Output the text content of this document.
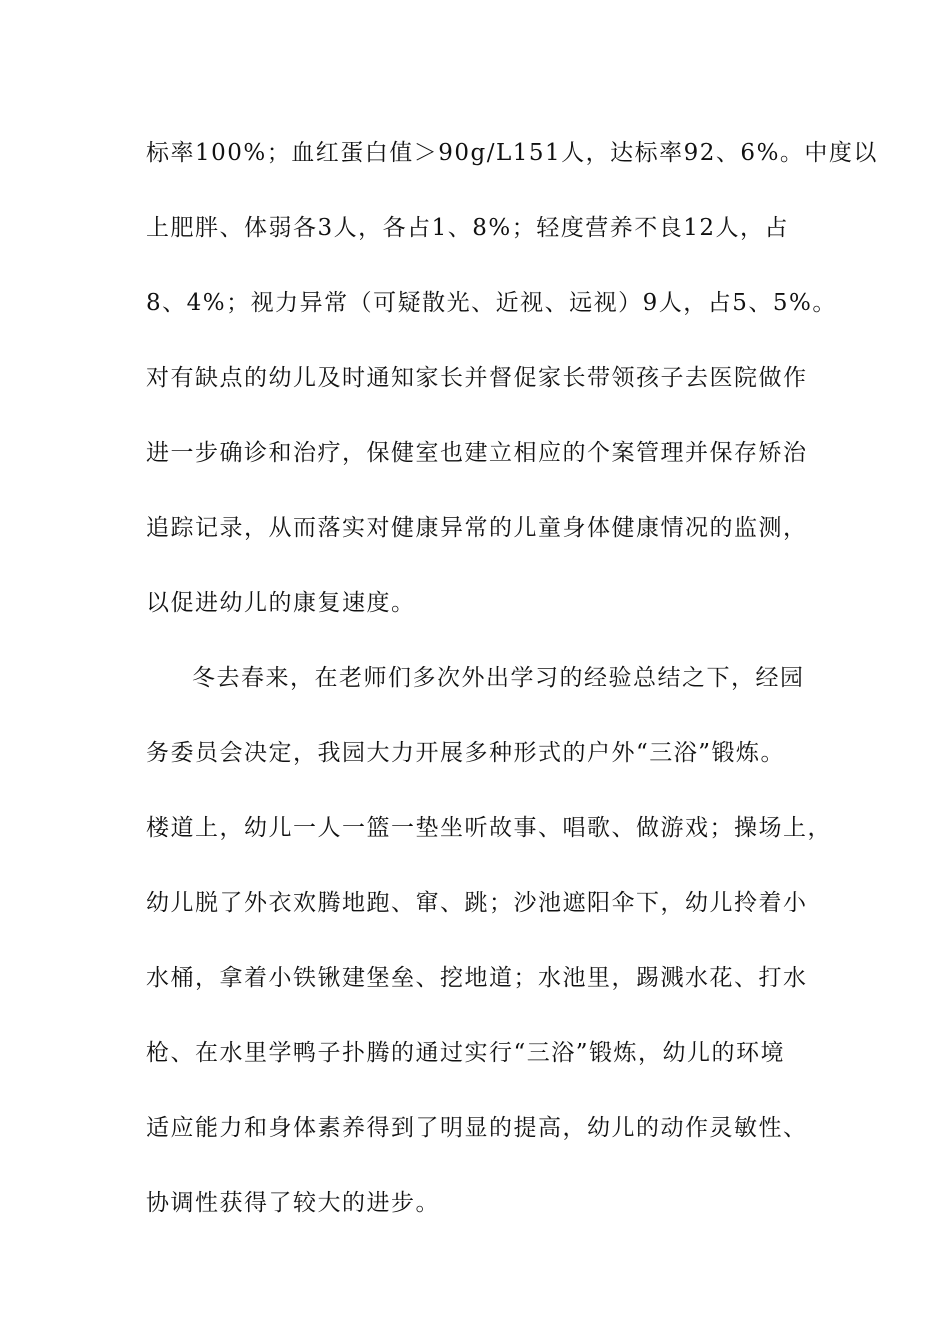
标率100%；血红蛋白值＞90g/L151人，达标率92、6%。中度以
上肥胖、体弱各3人，各占1、8%；轻度营养不良12人，占
8、4%；视力异常（可疑散光、近视、远视）9人，占5、5%。
对有缺点的幼儿及时通知家长并督促家长带领孩子去医院做作
进一步确诊和治疗，保健室也建立相应的个案管理并保存矫治
追踪记录，从而落实对健康异常的儿童身体健康情况的监测，
以促进幼儿的康复速度。
冬去春来，在老师们多次外出学习的经验总结之下，经园
务委员会决定，我园大力开展多种形式的户外“三浴”锻炼。
楼道上，幼儿一人一篮一垫坐听故事、唱歌、做游戏；操场上，
幼儿脱了外衣欢腾地跑、窜、跳；沙池遮阳伞下，幼儿拎着小
水桶，拿着小铁锹建堡垒、挖地道；水池里，踢溅水花、打水
枪、在水里学鸭子扑腾的通过实行“三浴”锻炼，幼儿的环境
适应能力和身体素养得到了明显的提高，幼儿的动作灵敏性、
协调性获得了较大的进步。
